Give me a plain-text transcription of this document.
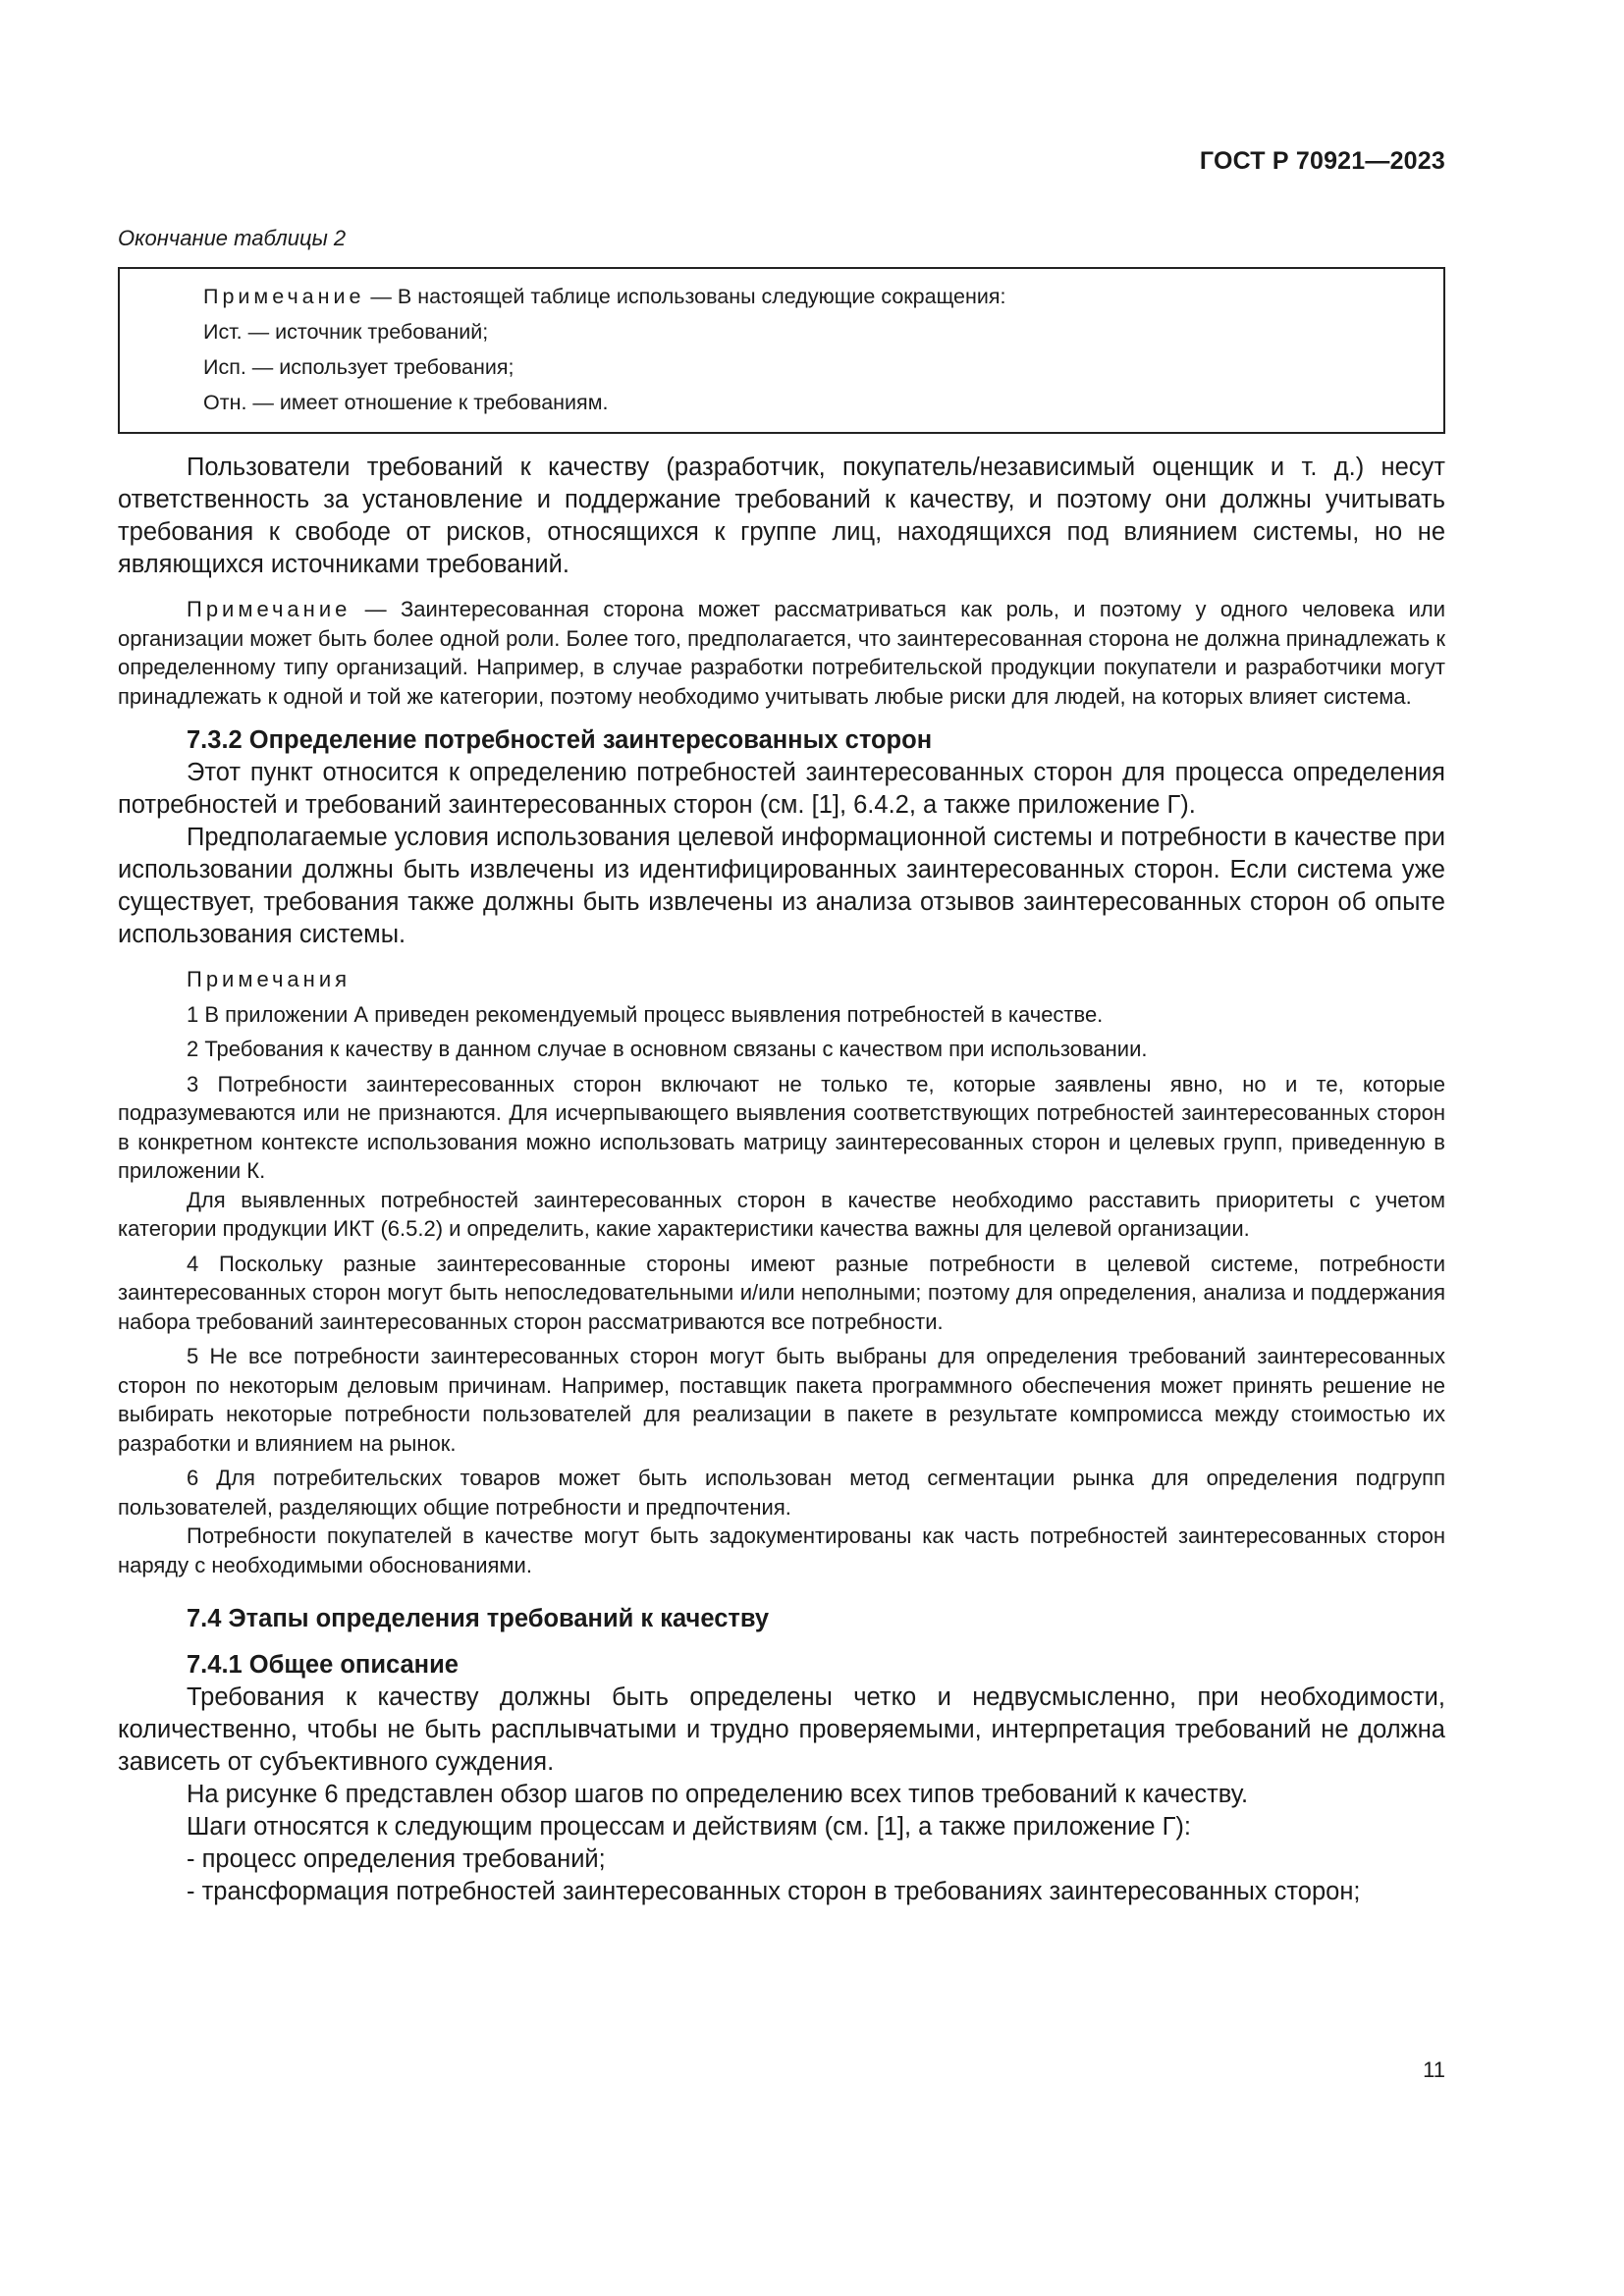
ГОСТ Р 70921—2023

Окончание таблицы 2

Примечание — В настоящей таблице использованы следующие сокращения:

Ист. — источник требований;

Исп. — использует требования;

Отн. — имеет отношение к требованиям.

Пользователи требований к качеству (разработчик, покупатель/независимый оценщик и т. д.) несут ответственность за установление и поддержание требований к качеству, и поэтому они должны учитывать требования к свободе от рисков, относящихся к группе лиц, находящихся под влиянием системы, но не являющихся источниками требований.

Примечание — Заинтересованная сторона может рассматриваться как роль, и поэтому у одного человека или организации может быть более одной роли. Более того, предполагается, что заинтересованная сторона не должна принадлежать к определенному типу организаций. Например, в случае разработки потребительской продукции покупатели и разработчики могут принадлежать к одной и той же категории, поэтому необходимо учитывать любые риски для людей, на которых влияет система.

7.3.2 Определение потребностей заинтересованных сторон

Этот пункт относится к определению потребностей заинтересованных сторон для процесса определения потребностей и требований заинтересованных сторон (см. [1], 6.4.2, а также приложение Г).

Предполагаемые условия использования целевой информационной системы и потребности в качестве при использовании должны быть извлечены из идентифицированных заинтересованных сторон. Если система уже существует, требования также должны быть извлечены из анализа отзывов заинтересованных сторон об опыте использования системы.

Примечания

1 В приложении А приведен рекомендуемый процесс выявления потребностей в качестве.

2 Требования к качеству в данном случае в основном связаны с качеством при использовании.

3 Потребности заинтересованных сторон включают не только те, которые заявлены явно, но и те, которые подразумеваются или не признаются. Для исчерпывающего выявления соответствующих потребностей заинтересованных сторон в конкретном контексте использования можно использовать матрицу заинтересованных сторон и целевых групп, приведенную в приложении К.

Для выявленных потребностей заинтересованных сторон в качестве необходимо расставить приоритеты с учетом категории продукции ИКТ (6.5.2) и определить, какие характеристики качества важны для целевой организации.

4 Поскольку разные заинтересованные стороны имеют разные потребности в целевой системе, потребности заинтересованных сторон могут быть непоследовательными и/или неполными; поэтому для определения, анализа и поддержания набора требований заинтересованных сторон рассматриваются все потребности.

5 Не все потребности заинтересованных сторон могут быть выбраны для определения требований заинтересованных сторон по некоторым деловым причинам. Например, поставщик пакета программного обеспечения может принять решение не выбирать некоторые потребности пользователей для реализации в пакете в результате компромисса между стоимостью их разработки и влиянием на рынок.

6 Для потребительских товаров может быть использован метод сегментации рынка для определения подгрупп пользователей, разделяющих общие потребности и предпочтения.

Потребности покупателей в качестве могут быть задокументированы как часть потребностей заинтересованных сторон наряду с необходимыми обоснованиями.

7.4 Этапы определения требований к качеству

7.4.1 Общее описание

Требования к качеству должны быть определены четко и недвусмысленно, при необходимости, количественно, чтобы не быть расплывчатыми и трудно проверяемыми, интерпретация требований не должна зависеть от субъективного суждения.

На рисунке 6 представлен обзор шагов по определению всех типов требований к качеству.

Шаги относятся к следующим процессам и действиям (см. [1], а также приложение Г):

- процесс определения требований;

- трансформация потребностей заинтересованных сторон в требованиях заинтересованных сторон;

11
